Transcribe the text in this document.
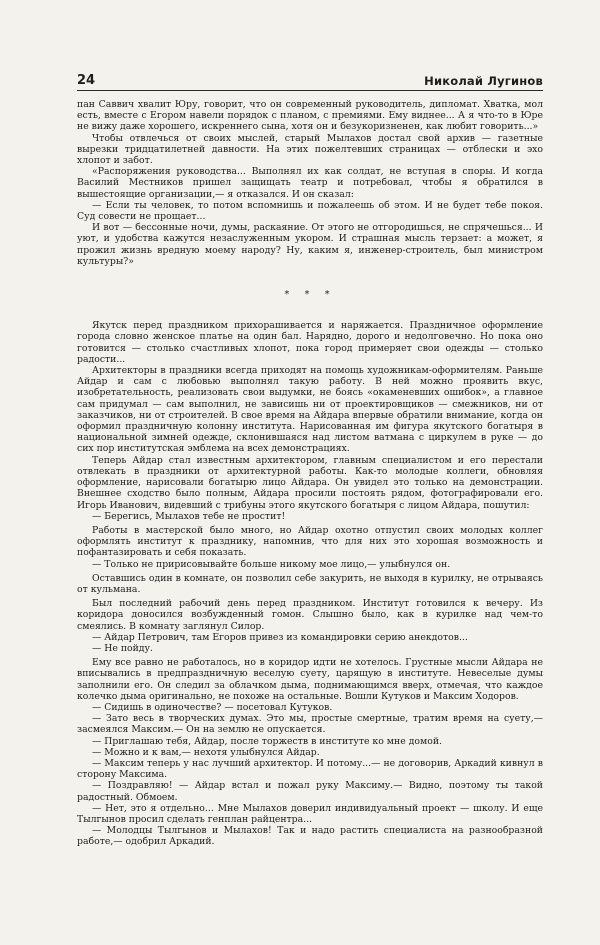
24	Николай Лугинов

пан Саввич хвалит Юру, говорит, что он современный руководитель, дипломат. Хватка, мол есть, вместе с Егором навели порядок с планом, с премиями. Ему виднее... А я что-то в Юре не вижу даже хорошего, искреннего сына, хотя он и безукоризненен, как любит говорить...»

Чтобы отвлечься от своих мыслей, старый Мылахов достал свой архив — газетные вырезки тридцатилетней давности. На этих пожелтевших страницах — отблески и эхо хлопот и забот.

«Распоряжения руководства... Выполнял их как солдат, не вступая в споры. И когда Василий Местников пришел защищать театр и потребовал, чтобы я обратился в вышестоящие организации,— я отказался. И он сказал:

— Если ты человек, то потом вспомнишь и пожалеешь об этом. И не будет тебе покоя. Суд совести не прощает...

И вот — бессонные ночи, думы, раскаяние. От этого не отгородишься, не спрячешься... И уют, и удобства кажутся незаслуженным укором. И страшная мысль терзает: а может, я прожил жизнь вредную моему народу? Ну, каким я, инженер-строитель, был министром культуры?»

* * *

Якутск перед праздником прихорашивается и наряжается. Праздничное оформление города словно женское платье на один бал. Нарядно, дорого и недолговечно. Но пока оно готовится — столько счастливых хлопот, пока город примеряет свои одежды — столько радости...

Архитекторы в праздники всегда приходят на помощь художникам-оформителям. Раньше Айдар и сам с любовью выполнял такую работу. В ней можно проявить вкус, изобретательность, реализовать свои выдумки, не боясь «окаменевших ошибок», а главное сам придумал — сам выполнил, не зависишь ни от проектировщиков — смежников, ни от заказчиков, ни от строителей. В свое время на Айдара впервые обратили внимание, когда он оформил праздничную колонну института. Нарисованная им фигура якутского богатыря в национальной зимней одежде, склонившаяся над листом ватмана с циркулем в руке — до сих пор институтская эмблема на всех демонстрациях.

Теперь Айдар стал известным архитектором, главным специалистом и его перестали отвлекать в праздники от архитектурной работы. Как-то молодые коллеги, обновляя оформление, нарисовали богатырю лицо Айдара. Он увидел это только на демонстрации. Внешнее сходство было полным, Айдара просили постоять рядом, фотографировали его. Игорь Иванович, видевший с трибуны этого якутского богатыря с лицом Айдара, пошутил:

— Берегись, Мылахов тебе не простит!

Работы в мастерской было много, но Айдар охотно отпустил своих молодых коллег оформлять институт к празднику, напомнив, что для них это хорошая возможность и пофантазировать и себя показать.

— Только не пририсовывайте больше никому мое лицо,— улыбнулся он.

Оставшись один в комнате, он позволил себе закурить, не выходя в курилку, не отрываясь от кульмана.

Был последний рабочий день перед праздником. Институт готовился к вечеру. Из коридора доносился возбужденный гомон. Слышно было, как в курилке над чем-то смеялись. В комнату заглянул Силор.

— Айдар Петрович, там Егоров привез из командировки серию анекдотов...

— Не пойду.

Ему все равно не работалось, но в коридор идти не хотелось. Грустные мысли Айдара не вписывались в предпраздничную веселую суету, царящую в институте. Невеселые думы заполнили его. Он следил за облачком дыма, поднимающимся вверх, отмечая, что каждое колечко дыма оригинально, не похоже на остальные. Вошли Кутуков и Максим Ходоров.

— Сидишь в одиночестве? — посетовал Кутуков.

— Зато весь в творческих думах. Это мы, простые смертные, тратим время на суету,— засмеялся Максим.— Он на землю не опускается.

— Приглашаю тебя, Айдар, после торжеств в институте ко мне домой.

— Можно и к вам,— нехотя улыбнулся Айдар.

— Максим теперь у нас лучший архитектор. И потому...— не договорив, Аркадий кивнул в сторону Максима.

— Поздравляю! — Айдар встал и пожал руку Максиму.— Видно, поэтому ты такой радостный. Обмоем.

— Нет, это я отдельно... Мне Мылахов доверил индивидуальный проект — школу. И еще Тылгынов просил сделать генплан райцентра...

— Молодцы Тылгынов и Мылахов! Так и надо растить специалиста на разнообразной работе,— одобрил Аркадий.
